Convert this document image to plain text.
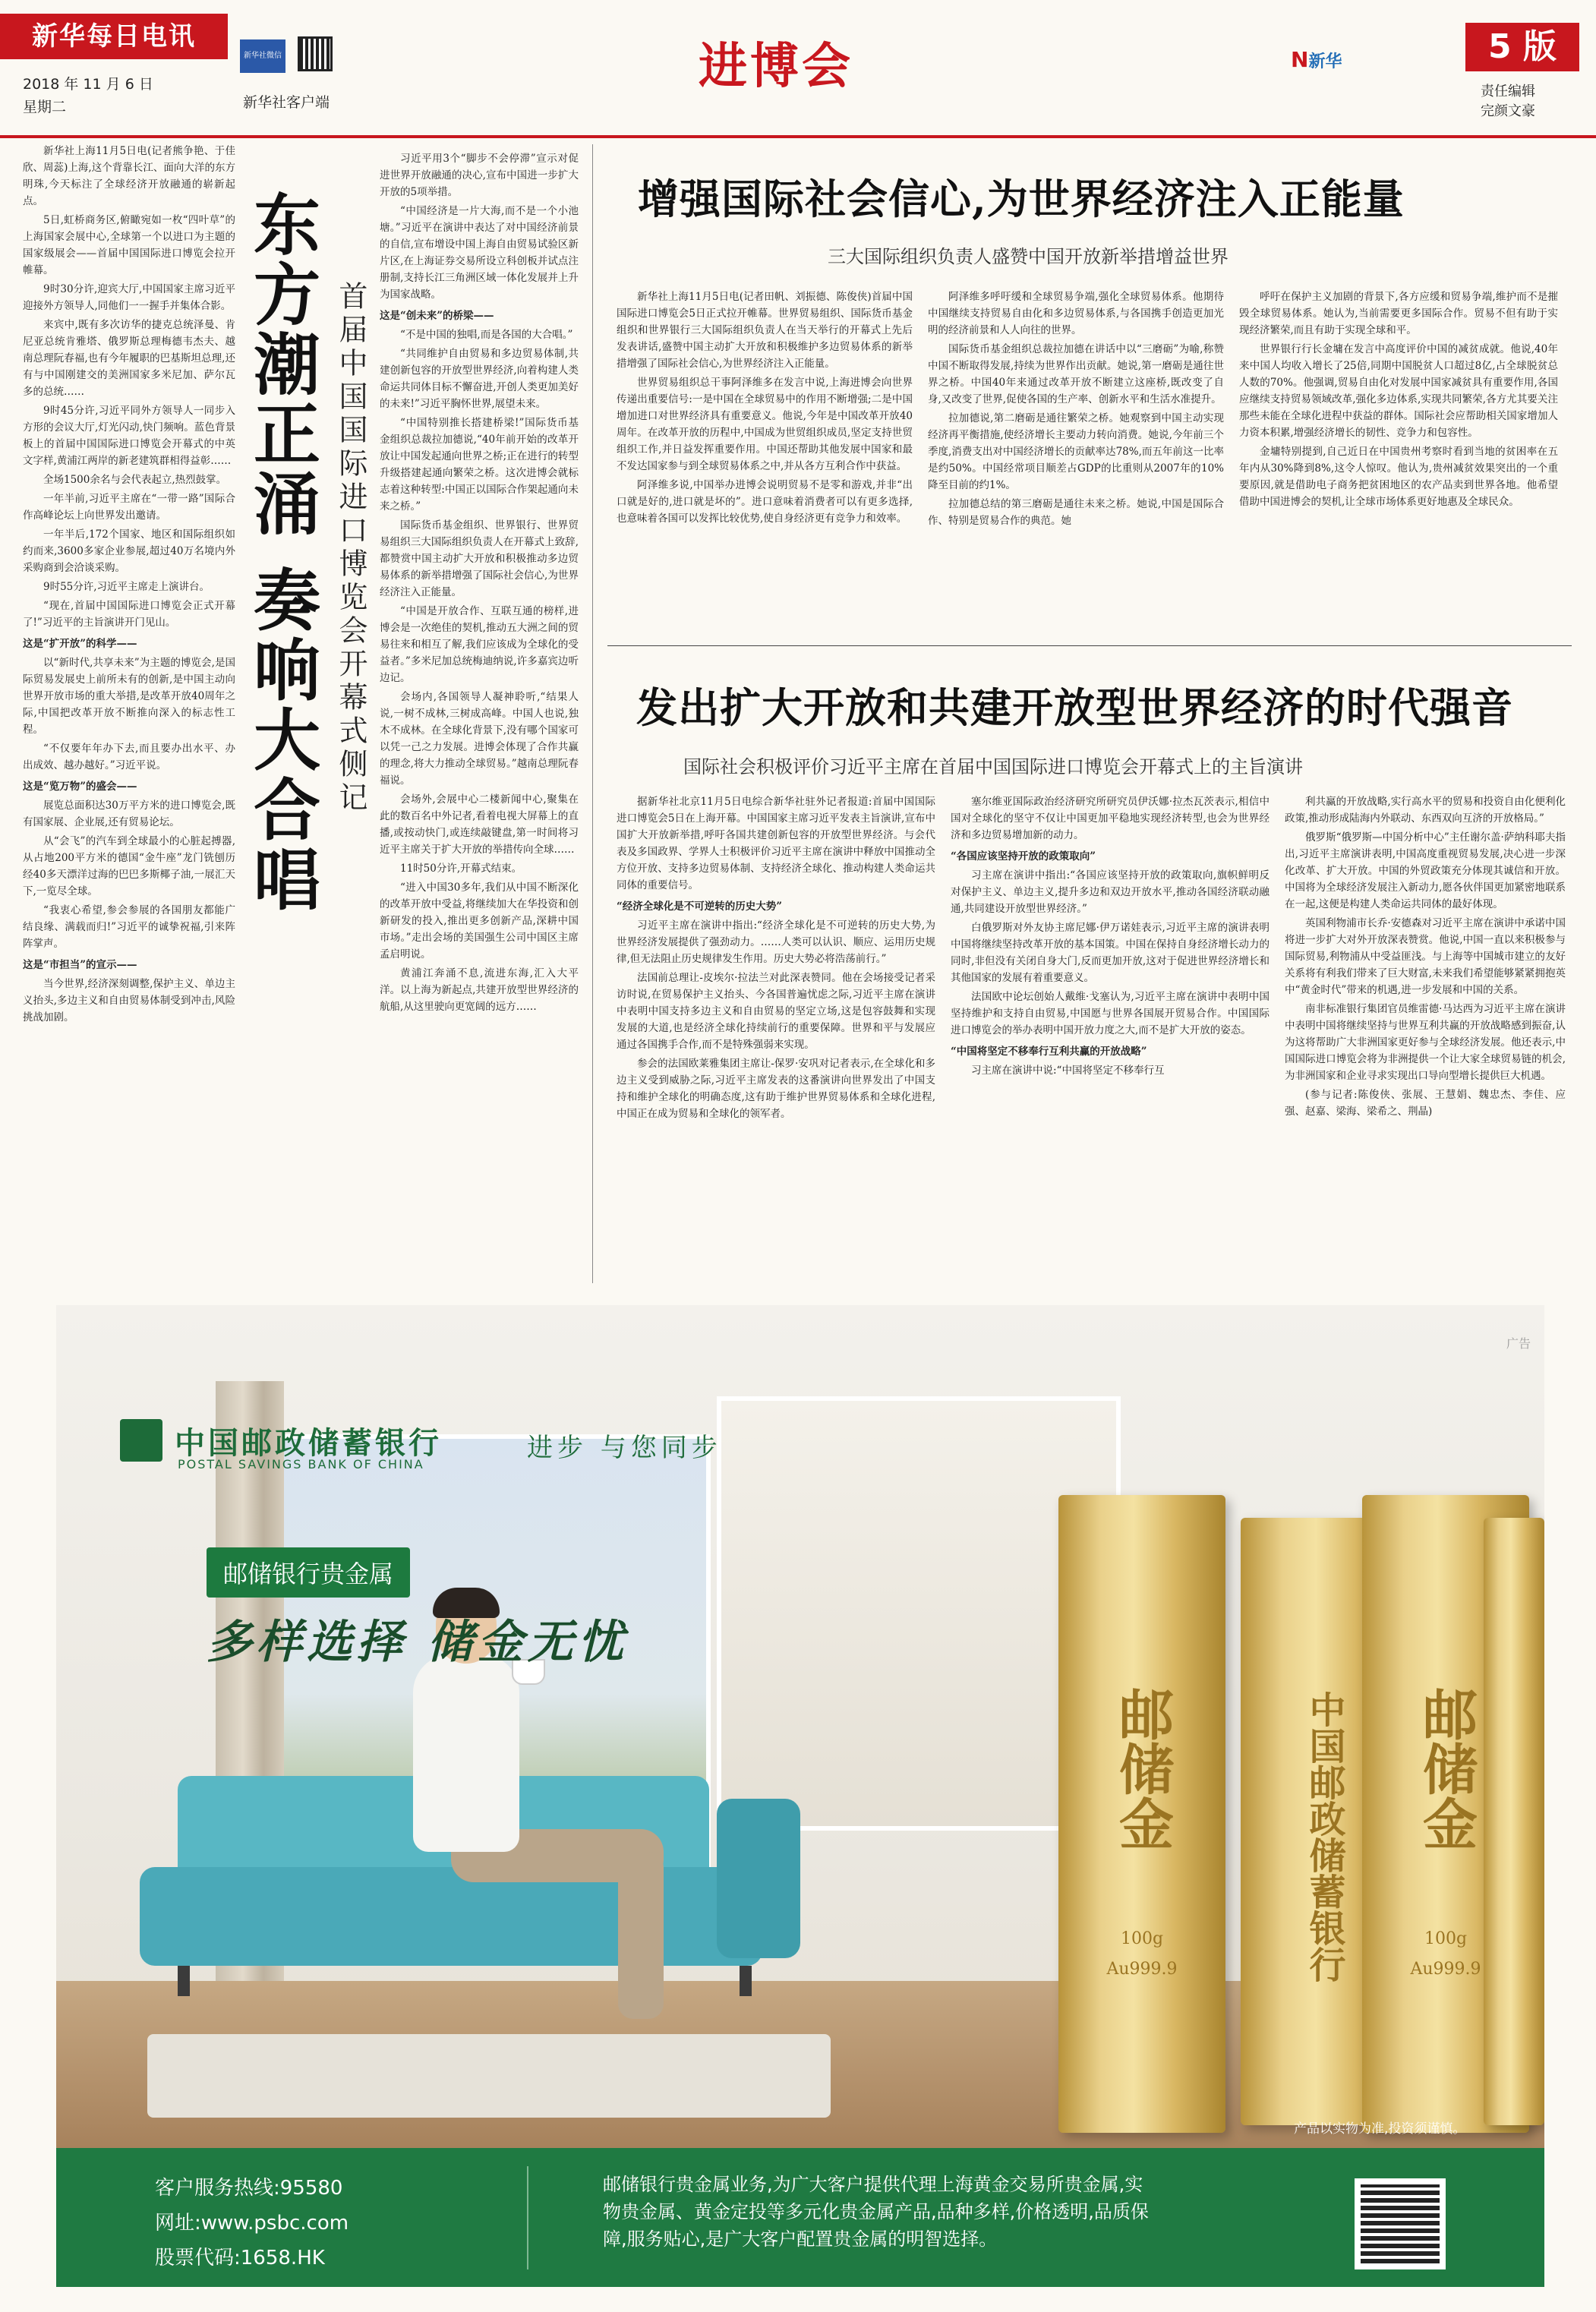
新华每日电讯
2018 年 11 月 6 日
星期二
新华社微信
新华社客户端
进博会	N新华	5 版
责任编辑
完颜文豪

新华社上海11月5日电(记者熊争艳、于佳欣、周蕊)上海,这个背靠长江、面向大洋的东方明珠,今天标注了全球经济开放融通的崭新起点。

5日,虹桥商务区,俯瞰宛如一枚“四叶草”的上海国家会展中心,全球第一个以进口为主题的国家级展会——首届中国国际进口博览会拉开帷幕。

9时30分许,迎宾大厅,中国国家主席习近平迎接外方领导人,同他们一一握手并集体合影。

来宾中,既有多次访华的捷克总统泽曼、肯尼亚总统肯雅塔、俄罗斯总理梅德韦杰夫、越南总理阮春福,也有今年履职的巴基斯坦总理,还有与中国刚建交的美洲国家多米尼加、萨尔瓦多的总统……

9时45分许,习近平同外方领导人一同步入方形的会议大厅,灯光闪动,快门频响。蓝色背景板上的首届中国国际进口博览会开幕式的中英文字样,黄浦江两岸的新老建筑群相得益彰……

全场1500余名与会代表起立,热烈鼓掌。

一年半前,习近平主席在“一带一路”国际合作高峰论坛上向世界发出邀请。

一年半后,172个国家、地区和国际组织如约而来,3600多家企业参展,超过40万名境内外采购商到会洽谈采购。

9时55分许,习近平主席走上演讲台。

“现在,首届中国国际进口博览会正式开幕了!”习近平的主旨演讲开门见山。

这是“扩开放”的科学——

以“新时代,共享未来”为主题的博览会,是国际贸易发展史上前所未有的创新,是中国主动向世界开放市场的重大举措,是改革开放40周年之际,中国把改革开放不断推向深入的标志性工程。

“不仅要年年办下去,而且要办出水平、办出成效、越办越好。”习近平说。

这是“览万物”的盛会——

展览总面积达30万平方米的进口博览会,既有国家展、企业展,还有贸易论坛。

从“会飞”的汽车到全球最小的心脏起搏器,从占地200平方米的德国“金牛座”龙门铣刨历经40多天漂洋过海的巴巴多斯椰子油,一展汇天下,一览尽全球。

“我衷心希望,参会参展的各国朋友都能广结良缘、满载而归!”习近平的诚挚祝福,引来阵阵掌声。

这是“市担当”的宣示——

当今世界,经济深刻调整,保护主义、单边主义抬头,多边主义和自由贸易体制受到冲击,风险挑战加剧。

东方潮正涌 奏响大合唱 首届中国国际进口博览会开幕式侧记

习近平用3个“脚步不会停滞”宣示对促进世界开放融通的决心,宣布中国进一步扩大开放的5项举措。

“中国经济是一片大海,而不是一个小池塘。”习近平在演讲中表达了对中国经济前景的自信,宣布增设中国上海自由贸易试验区新片区,在上海证券交易所设立科创板并试点注册制,支持长江三角洲区域一体化发展并上升为国家战略。

这是“创未来”的桥梁——

“不是中国的独唱,而是各国的大合唱。”

“共同维护自由贸易和多边贸易体制,共建创新包容的开放型世界经济,向着构建人类命运共同体目标不懈奋进,开创人类更加美好的未来!”习近平胸怀世界,展望未来。

“中国特别推长搭建桥梁!”国际货币基金组织总裁拉加德说,“40年前开始的改革开放让中国发起通向世界之桥;正在进行的转型升级搭建起通向繁荣之桥。这次进博会就标志着这种转型:中国正以国际合作架起通向未来之桥。”

国际货币基金组织、世界银行、世界贸易组织三大国际组织负责人在开幕式上致辞,都赞赏中国主动扩大开放和积极推动多边贸易体系的新举措增强了国际社会信心,为世界经济注入正能量。

“中国是开放合作、互联互通的榜样,进博会是一次绝佳的契机,推动五大洲之间的贸易往来和相互了解,我们应该成为全球化的受益者。”多米尼加总统梅迪纳说,许多嘉宾边听边记。

会场内,各国领导人凝神聆听,“结果人说,一树不成林,三树成高峰。中国人也说,独木不成林。在全球化背景下,没有哪个国家可以凭一己之力发展。进博会体现了合作共赢的理念,将大力推动全球贸易。”越南总理阮春福说。

会场外,会展中心二楼新闻中心,聚集在此的数百名中外记者,看着电视大屏幕上的直播,或按动快门,或连续敲键盘,第一时间将习近平主席关于扩大开放的举措传向全球……

11时50分许,开幕式结束。

“进入中国30多年,我们从中国不断深化的改革开放中受益,将继续加大在华投资和创新研发的投入,推出更多创新产品,深耕中国市场。”走出会场的美国强生公司中国区主席孟启明说。

黄浦江奔涌不息,流进东海,汇入大平洋。以上海为新起点,共建开放型世界经济的航船,从这里驶向更宽阔的远方……

增强国际社会信心,为世界经济注入正能量
三大国际组织负责人盛赞中国开放新举措增益世界

新华社上海11月5日电(记者田帆、刘振德、陈俊侠)首届中国国际进口博览会5日正式拉开帷幕。世界贸易组织、国际货币基金组织和世界银行三大国际组织负责人在当天举行的开幕式上先后发表讲话,盛赞中国主动扩大开放和积极维护多边贸易体系的新举措增强了国际社会信心,为世界经济注入正能量。

世界贸易组织总干事阿泽维多在发言中说,上海进博会向世界传递出重要信号:一是中国在全球贸易中的作用不断增强;二是中国增加进口对世界经济具有重要意义。他说,今年是中国改革开放40周年。在改革开放的历程中,中国成为世贸组织成员,坚定支持世贸组织工作,并日益发挥重要作用。中国还帮助其他发展中国家和最不发达国家参与到全球贸易体系之中,并从各方互利合作中获益。

阿泽维多说,中国举办进博会说明贸易不是零和游戏,并非“出口就是好的,进口就是坏的”。进口意味着消费者可以有更多选择,也意味着各国可以发挥比较优势,使自身经济更有竞争力和效率。

阿泽维多呼吁缓和全球贸易争端,强化全球贸易体系。他期待中国继续支持贸易自由化和多边贸易体系,与各国携手创造更加光明的经济前景和人人向往的世界。

国际货币基金组织总裁拉加德在讲话中以“三磨砺”为喻,称赞中国不断取得发展,持续为世界作出贡献。她说,第一磨砺是通往世界之桥。中国40年来通过改革开放不断建立这座桥,既改变了自身,又改变了世界,促使各国的生产率、创新水平和生活水准提升。

拉加德说,第二磨砺是通往繁荣之桥。她观察到中国主动实现经济再平衡措施,使经济增长主要动力转向消费。她说,今年前三个季度,消费支出对中国经济增长的贡献率达78%,而五年前这一比率是约50%。中国经常项目顺差占GDP的比重则从2007年的10%降至目前的约1%。

拉加德总结的第三磨砺是通往未来之桥。她说,中国是国际合作、特别是贸易合作的典范。她

呼吁在保护主义加剧的背景下,各方应缓和贸易争端,维护而不是摧毁全球贸易体系。她认为,当前需要更多国际合作。贸易不但有助于实现经济繁荣,而且有助于实现全球和平。

世界银行行长金墉在发言中高度评价中国的减贫成就。他说,40年来中国人均收入增长了25倍,同期中国脱贫人口超过8亿,占全球脱贫总人数的70%。他强调,贸易自由化对发展中国家减贫具有重要作用,各国应继续支持贸易领域改革,强化多边体系,实现共同繁荣,各方尤其要关注那些未能在全球化进程中获益的群体。国际社会应帮助相关国家增加人力资本积累,增强经济增长的韧性、竞争力和包容性。

金墉特别提到,自己近日在中国贵州考察时看到当地的贫困率在五年内从30%降到8%,这令人惊叹。他认为,贵州减贫效果突出的一个重要原因,就是借助电子商务把贫困地区的农产品卖到世界各地。他希望借助中国进博会的契机,让全球市场体系更好地惠及全球民众。

发出扩大开放和共建开放型世界经济的时代强音
国际社会积极评价习近平主席在首届中国国际进口博览会开幕式上的主旨演讲

据新华社北京11月5日电综合新华社驻外记者报道:首届中国国际进口博览会5日在上海开幕。中国国家主席习近平发表主旨演讲,宣布中国扩大开放新举措,呼吁各国共建创新包容的开放型世界经济。与会代表及多国政界、学界人士积极评价习近平主席在演讲中释放中国推动全方位开放、支持多边贸易体制、支持经济全球化、推动构建人类命运共同体的重要信号。

“经济全球化是不可逆转的历史大势”

习近平主席在演讲中指出:“经济全球化是不可逆转的历史大势,为世界经济发展提供了强劲动力。……人类可以认识、顺应、运用历史规律,但无法阻止历史规律发生作用。历史大势必将浩荡前行。”

法国前总理让-皮埃尔·拉法兰对此深表赞同。他在会场接受记者采访时说,在贸易保护主义抬头、今各国普遍忧虑之际,习近平主席在演讲中表明中国支持多边主义和自由贸易的坚定立场,这是包容鼓舞和实现发展的大道,也是经济全球化持续前行的重要保障。世界和平与发展应通过各国携手合作,而不是特殊强弱来实现。

参会的法国欧莱雅集团主席让-保罗·安巩对记者表示,在全球化和多边主义受到威胁之际,习近平主席发表的这番演讲向世界发出了中国支持和维护全球化的明确态度,这有助于维护世界贸易体系和全球化进程,中国正在成为贸易和全球化的领军者。

塞尔维亚国际政治经济研究所研究员伊沃娜·拉杰瓦茨表示,相信中国对全球化的坚守不仅让中国更加平稳地实现经济转型,也会为世界经济和多边贸易增加新的动力。

“各国应该坚持开放的政策取向”

习主席在演讲中指出:“各国应该坚持开放的政策取向,旗帜鲜明反对保护主义、单边主义,提升多边和双边开放水平,推动各国经济联动融通,共同建设开放型世界经济。”

白俄罗斯对外友协主席尼娜·伊万诺娃表示,习近平主席的演讲表明中国将继续坚持改革开放的基本国策。中国在保持自身经济增长动力的同时,非但没有关闭自身大门,反而更加开放,这对于促进世界经济增长和其他国家的发展有着重要意义。

法国欧中论坛创始人戴维·戈塞认为,习近平主席在演讲中表明中国坚持维护和支持自由贸易,中国愿与世界各国展开贸易合作。中国国际进口博览会的举办表明中国开放力度之大,而不是扩大开放的姿态。

“中国将坚定不移奉行互利共赢的开放战略”

习主席在演讲中说:“中国将坚定不移奉行互

利共赢的开放战略,实行高水平的贸易和投资自由化便利化政策,推动形成陆海内外联动、东西双向互济的开放格局。”

俄罗斯“俄罗斯—中国分析中心”主任谢尔盖·萨纳科耶夫指出,习近平主席演讲表明,中国高度重视贸易发展,决心进一步深化改革、扩大开放。中国的外贸政策充分体现其诚信和开放。中国将为全球经济发展注入新动力,愿各伙伴国更加紧密地联系在一起,这便是构建人类命运共同体的最好体现。

英国利物浦市长乔·安德森对习近平主席在演讲中承诺中国将进一步扩大对外开放深表赞赏。他说,中国一直以来积极参与国际贸易,利物浦从中受益匪浅。与上海等中国城市建立的友好关系将有利我们带来了巨大财富,未来我们希望能够紧紧拥抱英中“黄金时代”带来的机遇,进一步发展和中国的关系。

南非标准银行集团官员维雷德·马达西为习近平主席在演讲中表明中国将继续坚持与世界互利共赢的开放战略感到振奋,认为这将帮助广大非洲国家更好参与全球经济发展。他还表示,中国国际进口博览会将为非洲提供一个让大家全球贸易链的机会,为非洲国家和企业寻求实现出口导向型增长提供巨大机遇。

(参与记者:陈俊侠、张展、王慧娟、魏忠杰、李佳、应强、赵嘉、梁海、梁希之、荆晶)

邮储金
100g
Au999.9	中国邮政储蓄银行	邮储金
100g
Au999.9
中国邮政储蓄银行
POSTAL SAVINGS BANK OF CHINA
进步 与您同步
广告
邮储银行贵金属
多样选择 储金无忧
产品以实物为准,投资须谨慎。
客户服务热线:95580
网址:www.psbc.com
股票代码:1658.HK
邮储银行贵金属业务,为广大客户提供代理上海黄金交易所贵金属,实物贵金属、黄金定投等多元化贵金属产品,品种多样,价格透明,品质保障,服务贴心,是广大客户配置贵金属的明智选择。
